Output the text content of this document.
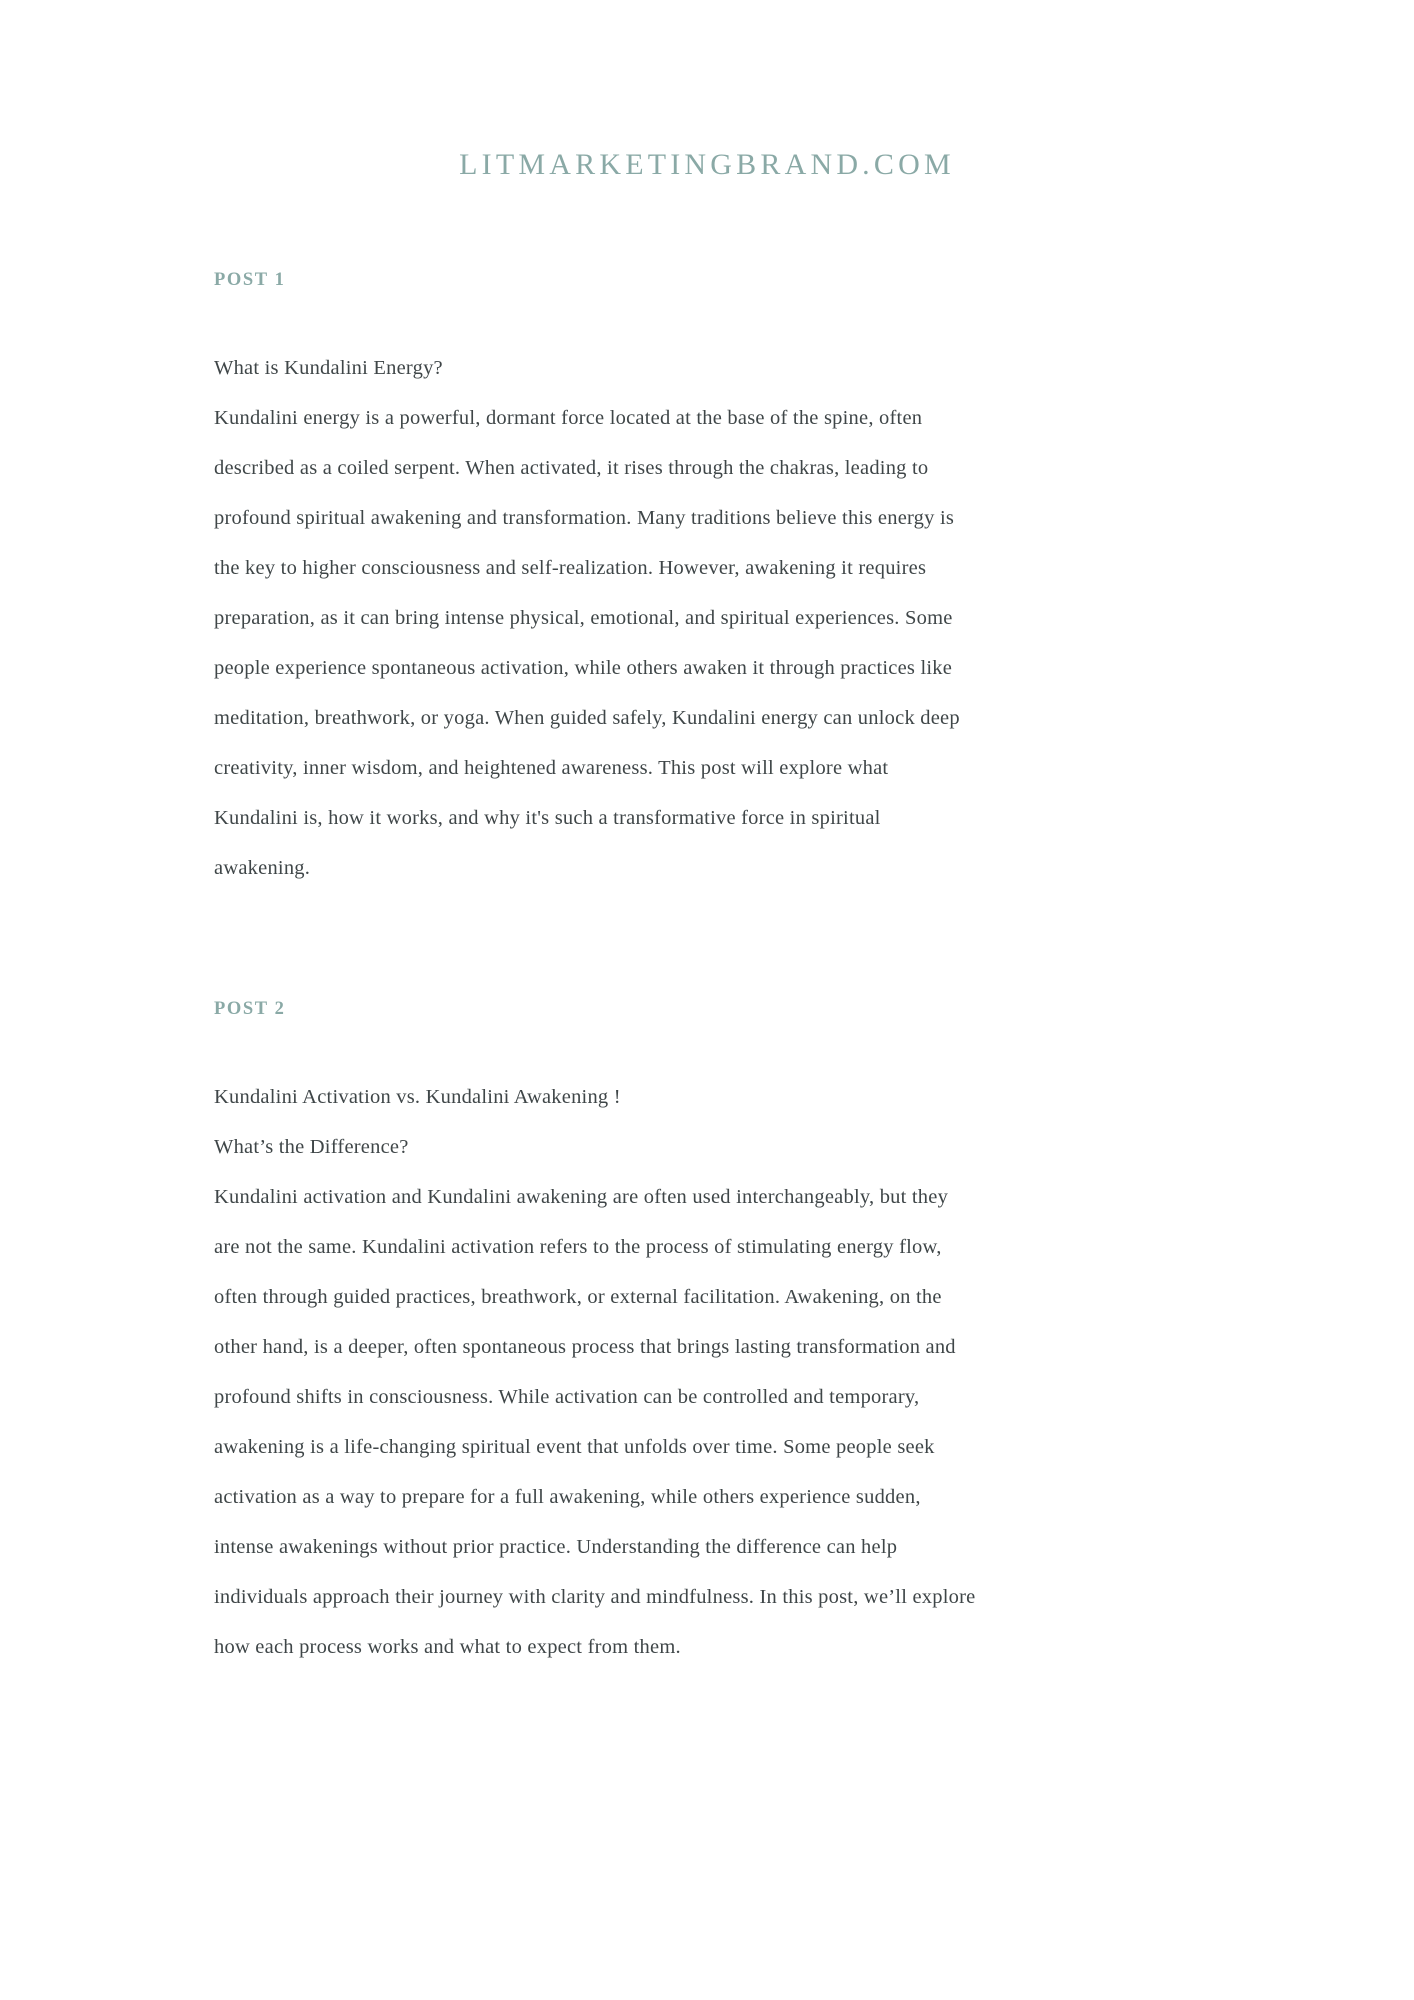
LITMARKETINGBRAND.COM
POST 1
What is Kundalini Energy?
Kundalini energy is a powerful, dormant force located at the base of the spine, often
described as a coiled serpent. When activated, it rises through the chakras, leading to
profound spiritual awakening and transformation. Many traditions believe this energy is
the key to higher consciousness and self-realization. However, awakening it requires
preparation, as it can bring intense physical, emotional, and spiritual experiences. Some
people experience spontaneous activation, while others awaken it through practices like
meditation, breathwork, or yoga. When guided safely, Kundalini energy can unlock deep
creativity, inner wisdom, and heightened awareness. This post will explore what
Kundalini is, how it works, and why it's such a transformative force in spiritual
awakening.
POST 2
Kundalini Activation vs. Kundalini Awakening !
What’s the Difference?
Kundalini activation and Kundalini awakening are often used interchangeably, but they
are not the same. Kundalini activation refers to the process of stimulating energy flow,
often through guided practices, breathwork, or external facilitation. Awakening, on the
other hand, is a deeper, often spontaneous process that brings lasting transformation and
profound shifts in consciousness. While activation can be controlled and temporary,
awakening is a life-changing spiritual event that unfolds over time. Some people seek
activation as a way to prepare for a full awakening, while others experience sudden,
intense awakenings without prior practice. Understanding the difference can help
individuals approach their journey with clarity and mindfulness. In this post, we’ll explore
how each process works and what to expect from them.
